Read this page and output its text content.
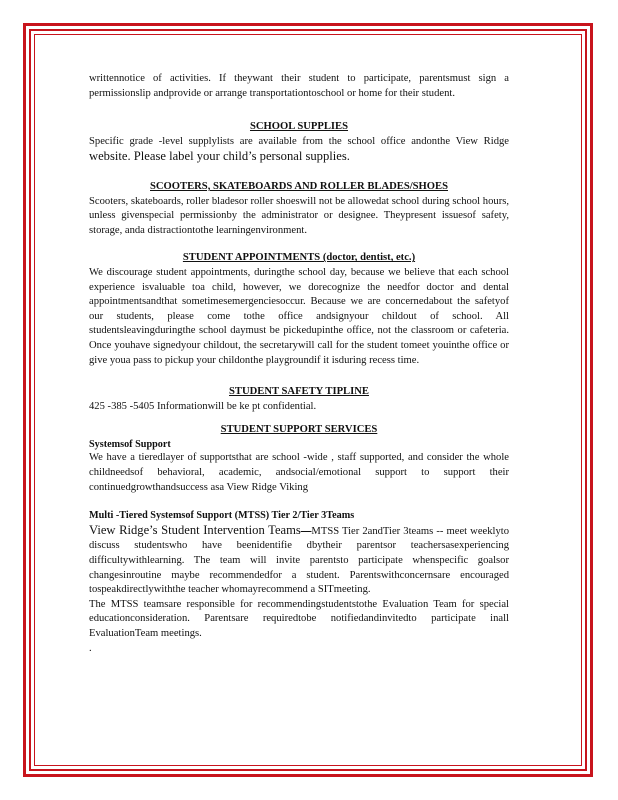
writtennotice of activities. If theywant their student to participate, parentsmust sign a

permissionslip andprovide or arrange transportationtoschool or home for their student.

SCHOOL SUPPLIES

Specific grade -level supplylists are available from the school office andonthe View Ridge

website. Please label your child’s personal supplies.

SCOOTERS, SKATEBOARDS AND ROLLER BLADES/SHOES

Scooters, skateboards, roller bladesor roller shoeswill not be allowedat school during school hours, unless givenspecial permissionby the administrator or designee. Theypresent issuesof safety, storage, anda distractiontothe learningenvironment.

STUDENT APPOINTMENTS (doctor, dentist, etc.)

We discourage student appointments, duringthe school day, because we believe that each school experience isvaluable toa child, however, we dorecognize the needfor doctor and dental appointmentsandthat sometimesemergenciesoccur. Because we are concernedabout the safetyof our students, please come tothe office andsignyour childout of school. All studentsleavingduringthe school daymust be pickedupinthe office, not the classroom or cafeteria. Once youhave signedyour childout, the secretarywill call for the student tomeet youinthe office or give youa pass to pickup your childonthe playgroundif it isduring recess time.

STUDENT SAFETY TIPLINE

425 -385 -5405 Informationwill be ke pt confidential.

STUDENT SUPPORT SERVICES

Systemsof Support

We have a tieredlayer of supportsthat are school -wide , staff supported, and consider the whole childneedsof behavioral, academic, andsocial/emotional support to support their continuedgrowthandsuccess asa View Ridge Viking

Multi -Tiered Systemsof Support (MTSS) Tier 2/Tier 3Teams

View Ridge’s Student Intervention Teams—MTSS Tier 2andTier 3teams -- meet weeklyto discuss studentswho have beenidentifie dbytheir parentsor teachersasexperiencing difficultywithlearning. The team will invite parentsto participate whenspecific goalsor changesinroutine maybe recommendedfor a student. Parentswithconcernsare encouraged tospeakdirectlywiththe teacher whomayrecommend a SITmeeting.

The MTSS teamsare responsible for recommendingstudentstothe Evaluation Team for special educationconsideration. Parentsare requiredtobe notifiedandinvitedto participate inall EvaluationTeam meetings.

.
